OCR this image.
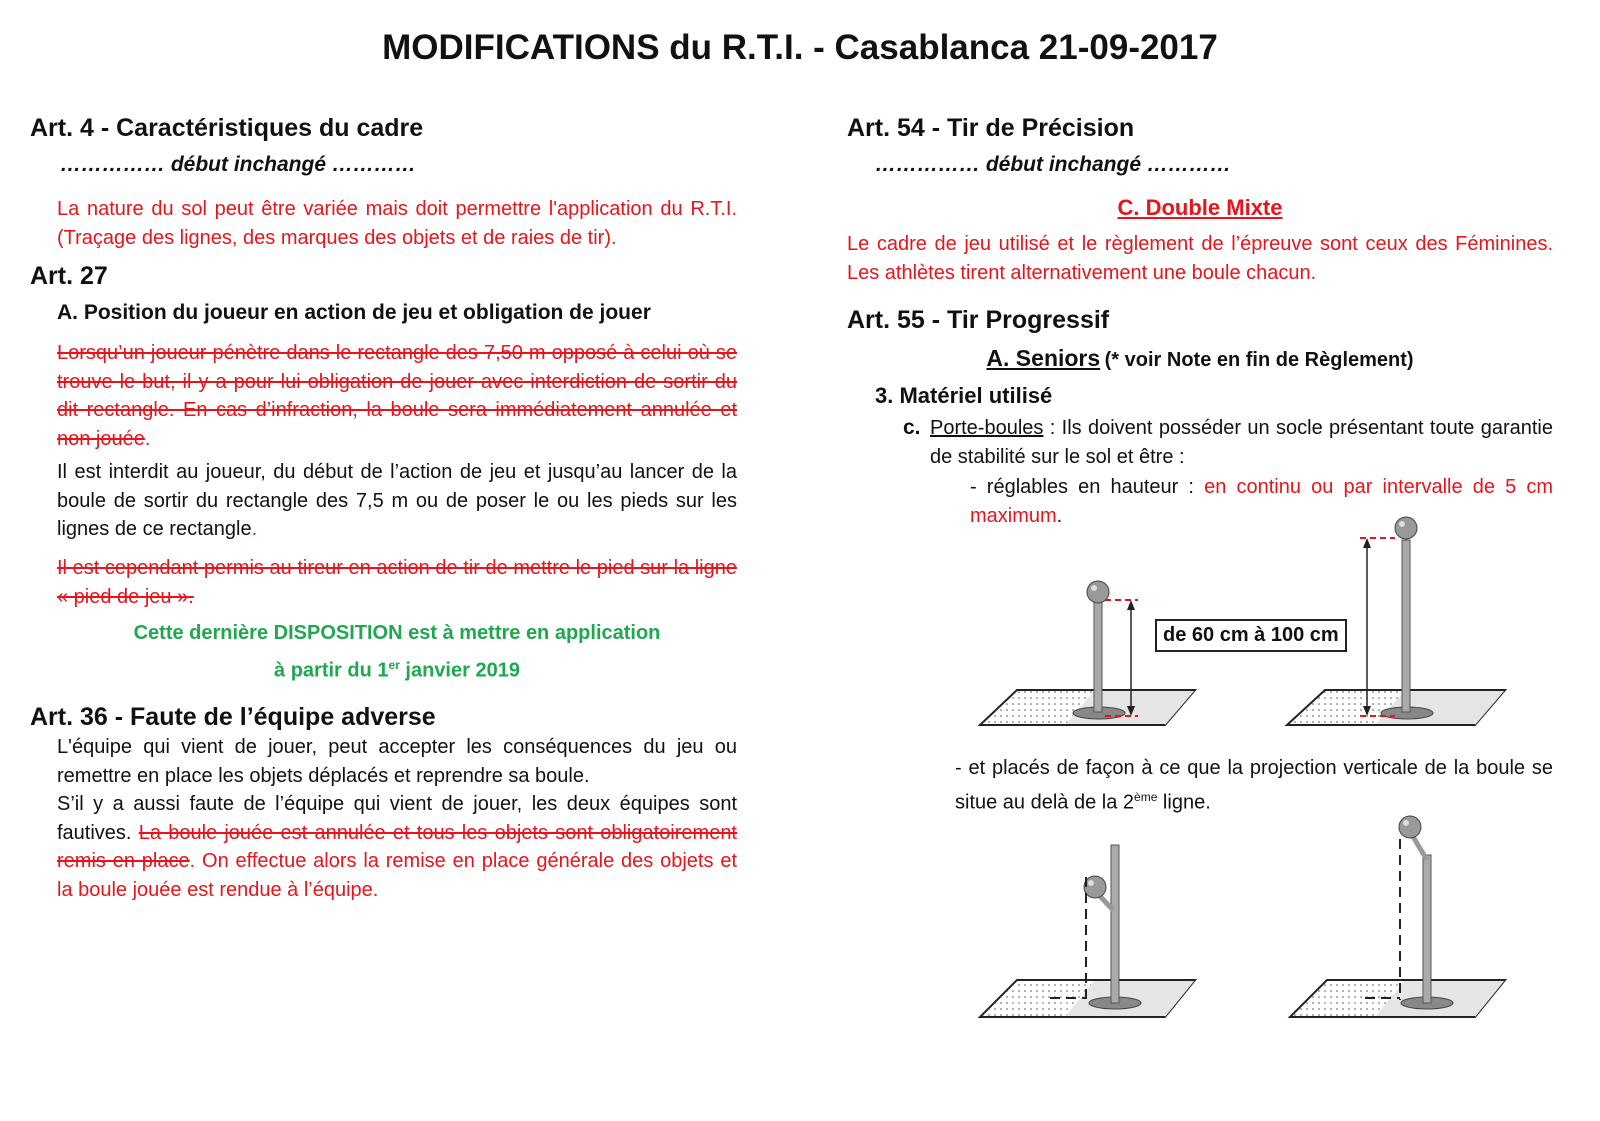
MODIFICATIONS du R.T.I. - Casablanca 21-09-2017
Art. 4 - Caractéristiques du cadre
…………… début inchangé …………
La nature du sol peut être variée mais doit permettre l'application du R.T.I. (Traçage des lignes, des marques des objets et de raies de tir).
Art. 27
A. Position du joueur en action de jeu et obligation de jouer
Lorsqu’un joueur pénètre dans le rectangle des 7,50 m opposé à celui où se trouve le but, il y a pour lui obligation de jouer avec interdiction de sortir du dit rectangle. En cas d’infraction, la boule sera immédiatement annulée et non jouée.
Il est interdit au joueur, du début de l’action de jeu et jusqu’au lancer de la boule de sortir du rectangle des 7,5 m ou de poser le ou les pieds sur les lignes de ce rectangle.
Il est cependant permis au tireur en action de tir de mettre le pied sur la ligne « pied de jeu ».
Cette dernière DISPOSITION est à mettre en application
à partir du 1er janvier 2019
Art. 36 - Faute de l’équipe adverse
L'équipe qui vient de jouer, peut accepter les conséquences du jeu ou remettre en place les objets déplacés et reprendre sa boule.
S’il y a aussi faute de l’équipe qui vient de jouer, les deux équipes sont fautives. La boule jouée est annulée et tous les objets sont obligatoirement remis en place. On effectue alors la remise en place générale des objets et la boule jouée est rendue à l’équipe.
Art. 54 - Tir de Précision
…………… début inchangé …………
C. Double Mixte
Le cadre de jeu utilisé et le règlement de l’épreuve sont ceux des Féminines. Les athlètes tirent alternativement une boule chacun.
Art. 55 - Tir Progressif
A. Seniors (* voir Note en fin de Règlement)
3. Matériel utilisé
c. Porte-boules : Ils doivent posséder un socle présentant toute garantie de stabilité sur le sol et être :
- réglables en hauteur : en continu ou par intervalle de 5 cm maximum.
de 60 cm à 100 cm
- et placés de façon à ce que la projection verticale de la boule se situe au delà de la 2ème ligne.
